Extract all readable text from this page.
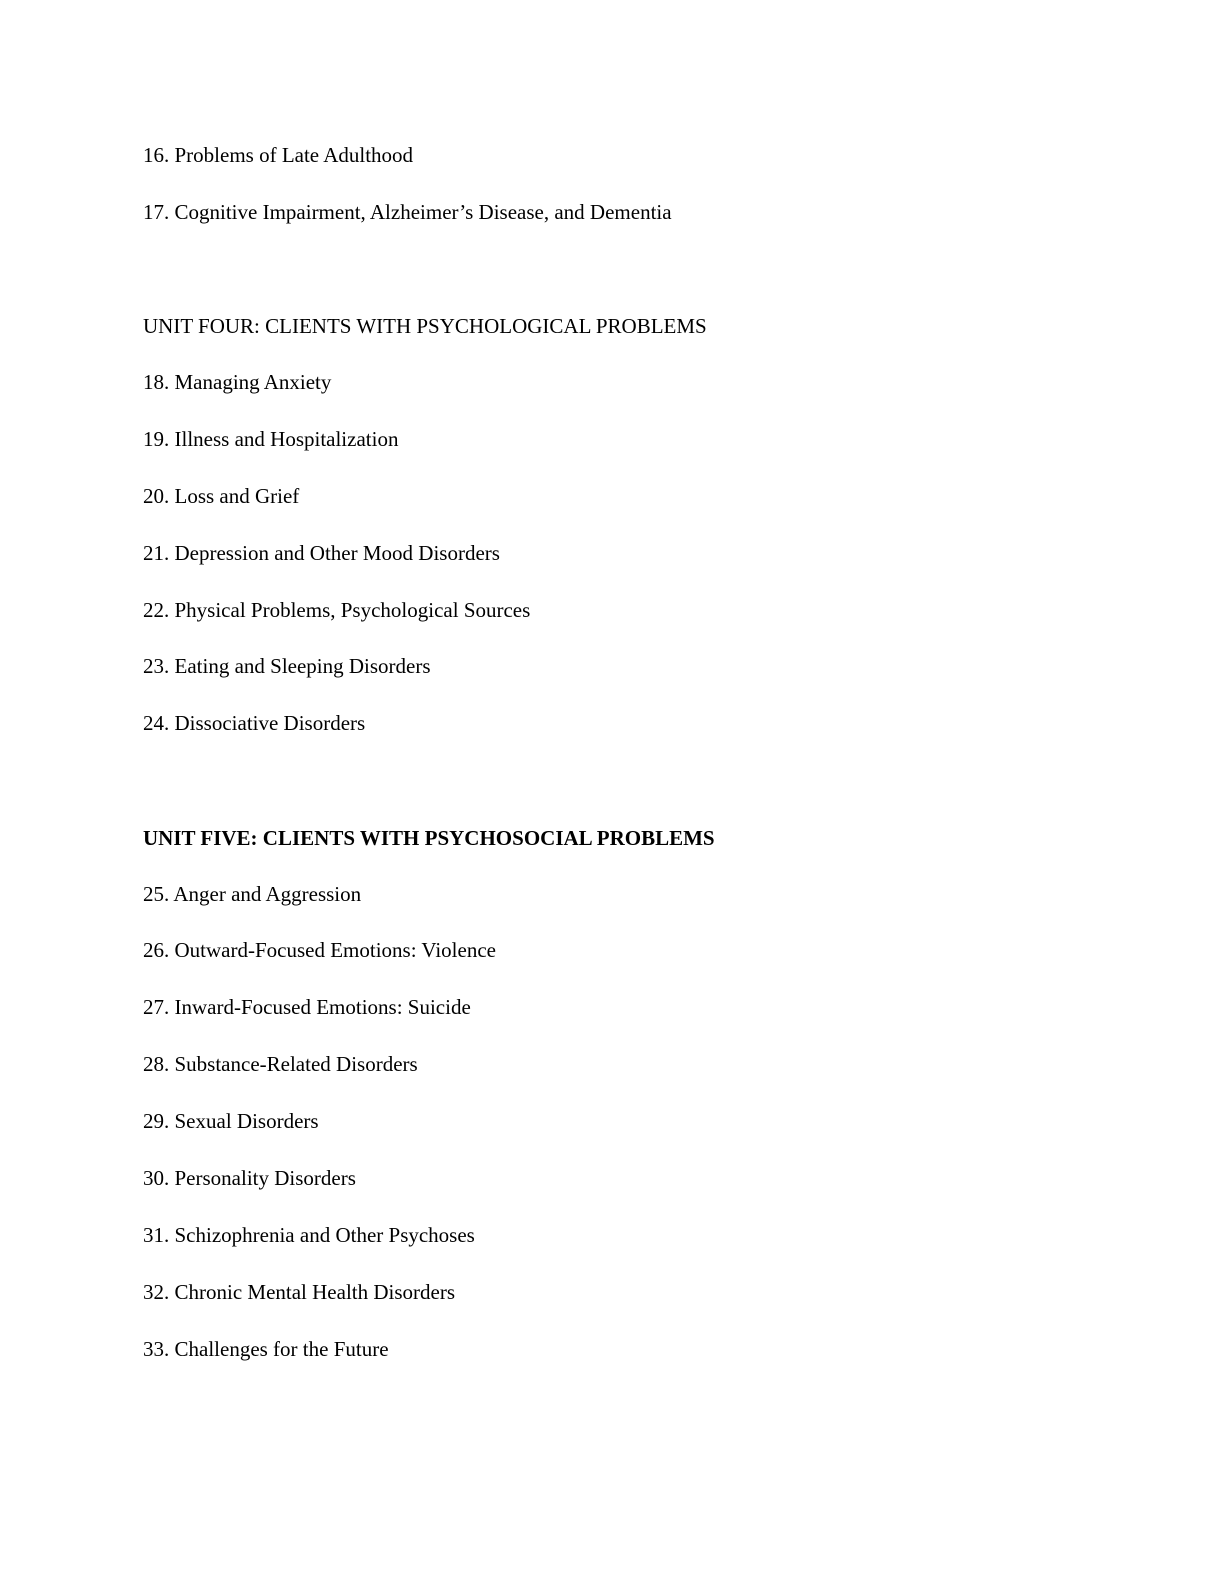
16. Problems of Late Adulthood
17. Cognitive Impairment, Alzheimer’s Disease, and Dementia
UNIT FOUR: CLIENTS WITH PSYCHOLOGICAL PROBLEMS
18. Managing Anxiety
19. Illness and Hospitalization
20. Loss and Grief
21. Depression and Other Mood Disorders
22. Physical Problems, Psychological Sources
23. Eating and Sleeping Disorders
24. Dissociative Disorders
UNIT FIVE: CLIENTS WITH PSYCHOSOCIAL PROBLEMS
25. Anger and Aggression
26. Outward-Focused Emotions: Violence
27. Inward-Focused Emotions: Suicide
28. Substance-Related Disorders
29. Sexual Disorders
30. Personality Disorders
31. Schizophrenia and Other Psychoses
32. Chronic Mental Health Disorders
33. Challenges for the Future
